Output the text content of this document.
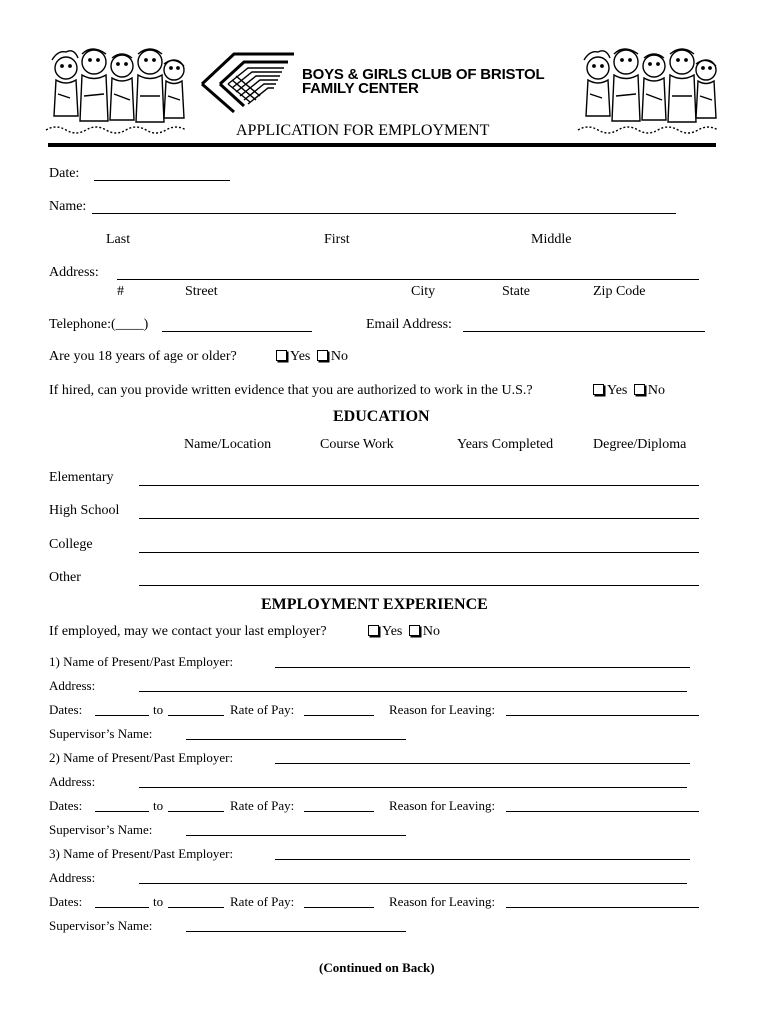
BOYS & GIRLS CLUB OF BRISTOL
FAMILY CENTER
APPLICATION FOR EMPLOYMENT
Date:
Name:
Last	First	Middle
Address:
#	Street	City	State	Zip Code
Telephone:(____)	Email Address:
Are you 18 years of age or older?	Yes No
If hired, can you provide written evidence that you are authorized to work in the U.S.?	Yes No
EDUCATION
Name/Location	Course Work	Years Completed	Degree/Diploma
Elementary
High School
College
Other
EMPLOYMENT EXPERIENCE
If employed, may we contact your last employer?	Yes No
1) Name of Present/Past Employer:
Address:
Dates:	to	Rate of Pay:	Reason for Leaving:
Supervisor’s Name:
2) Name of Present/Past Employer:
Address:
Dates:	to	Rate of Pay:	Reason for Leaving:
Supervisor’s Name:
3) Name of Present/Past Employer:
Address:
Dates:	to	Rate of Pay:	Reason for Leaving:
Supervisor’s Name:
(Continued on Back)
